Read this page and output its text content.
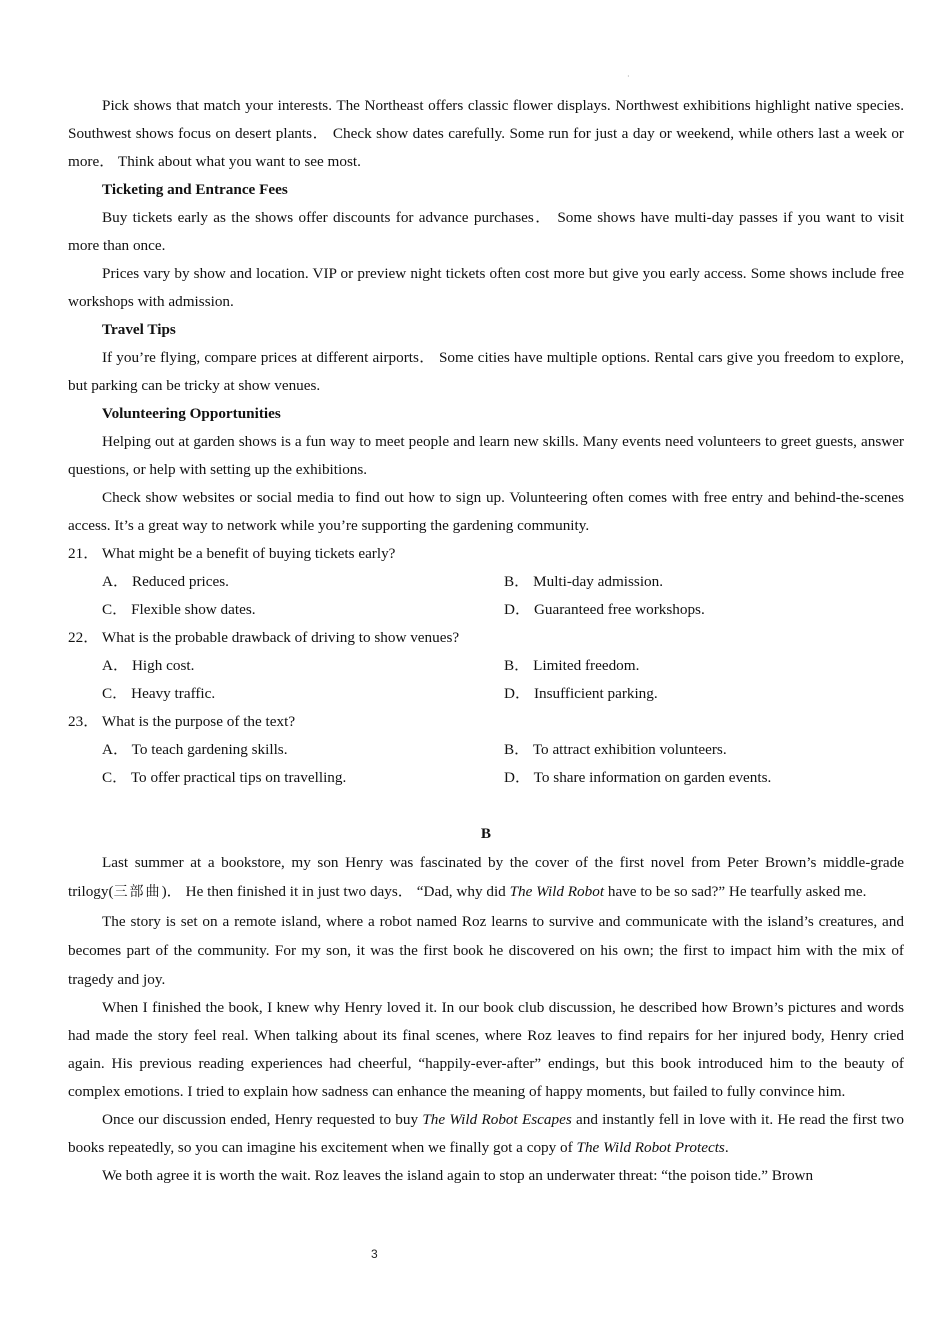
·

Pick shows that match your interests. The Northeast offers classic flower displays. Northwest exhibitions highlight native species. Southwest shows focus on desert plants． Check show dates carefully. Some run for just a day or weekend, while others last a week or more． Think about what you want to see most.

Ticketing and Entrance Fees

Buy tickets early as the shows offer discounts for advance purchases． Some shows have multi-day passes if you want to visit more than once.

Prices vary by show and location. VIP or preview night tickets often cost more but give you early access. Some shows include free workshops with admission.

Travel Tips

If you’re flying, compare prices at different airports． Some cities have multiple options. Rental cars give you freedom to explore, but parking can be tricky at show venues.

Volunteering Opportunities

Helping out at garden shows is a fun way to meet people and learn new skills. Many events need volunteers to greet guests, answer questions, or help with setting up the exhibitions.

Check show websites or social media to find out how to sign up. Volunteering often comes with free entry and behind-the-scenes access. It’s a great way to network while you’re supporting the gardening community.

21． What might be a benefit of buying tickets early?

A． Reduced prices.	B． Multi-day admission.
C． Flexible show dates.	D． Guaranteed free workshops.

22． What is the probable drawback of driving to show venues?

A． High cost.	B． Limited freedom.
C． Heavy traffic.	D． Insufficient parking.

23． What is the purpose of the text?

A． To teach gardening skills.	B． To attract exhibition volunteers.
C． To offer practical tips on travelling.	D． To share information on garden events.
B

Last summer at a bookstore, my son Henry was fascinated by the cover of the first novel from Peter Brown’s middle-grade trilogy(三部曲)． He then finished it in just two days． “Dad, why did The Wild Robot have to be so sad?” He tearfully asked me.

The story is set on a remote island, where a robot named Roz learns to survive and communicate with the island’s creatures, and becomes part of the community. For my son, it was the first book he discovered on his own; the first to impact him with the mix of tragedy and joy.

When I finished the book, I knew why Henry loved it. In our book club discussion, he described how Brown’s pictures and words had made the story feel real. When talking about its final scenes, where Roz leaves to find repairs for her injured body, Henry cried again. His previous reading experiences had cheerful, “happily-ever-after” endings, but this book introduced him to the beauty of complex emotions. I tried to explain how sadness can enhance the meaning of happy moments, but failed to fully convince him.

Once our discussion ended, Henry requested to buy The Wild Robot Escapes and instantly fell in love with it. He read the first two books repeatedly, so you can imagine his excitement when we finally got a copy of The Wild Robot Protects.

We both agree it is worth the wait. Roz leaves the island again to stop an underwater threat: “the poison tide.” Brown

3
